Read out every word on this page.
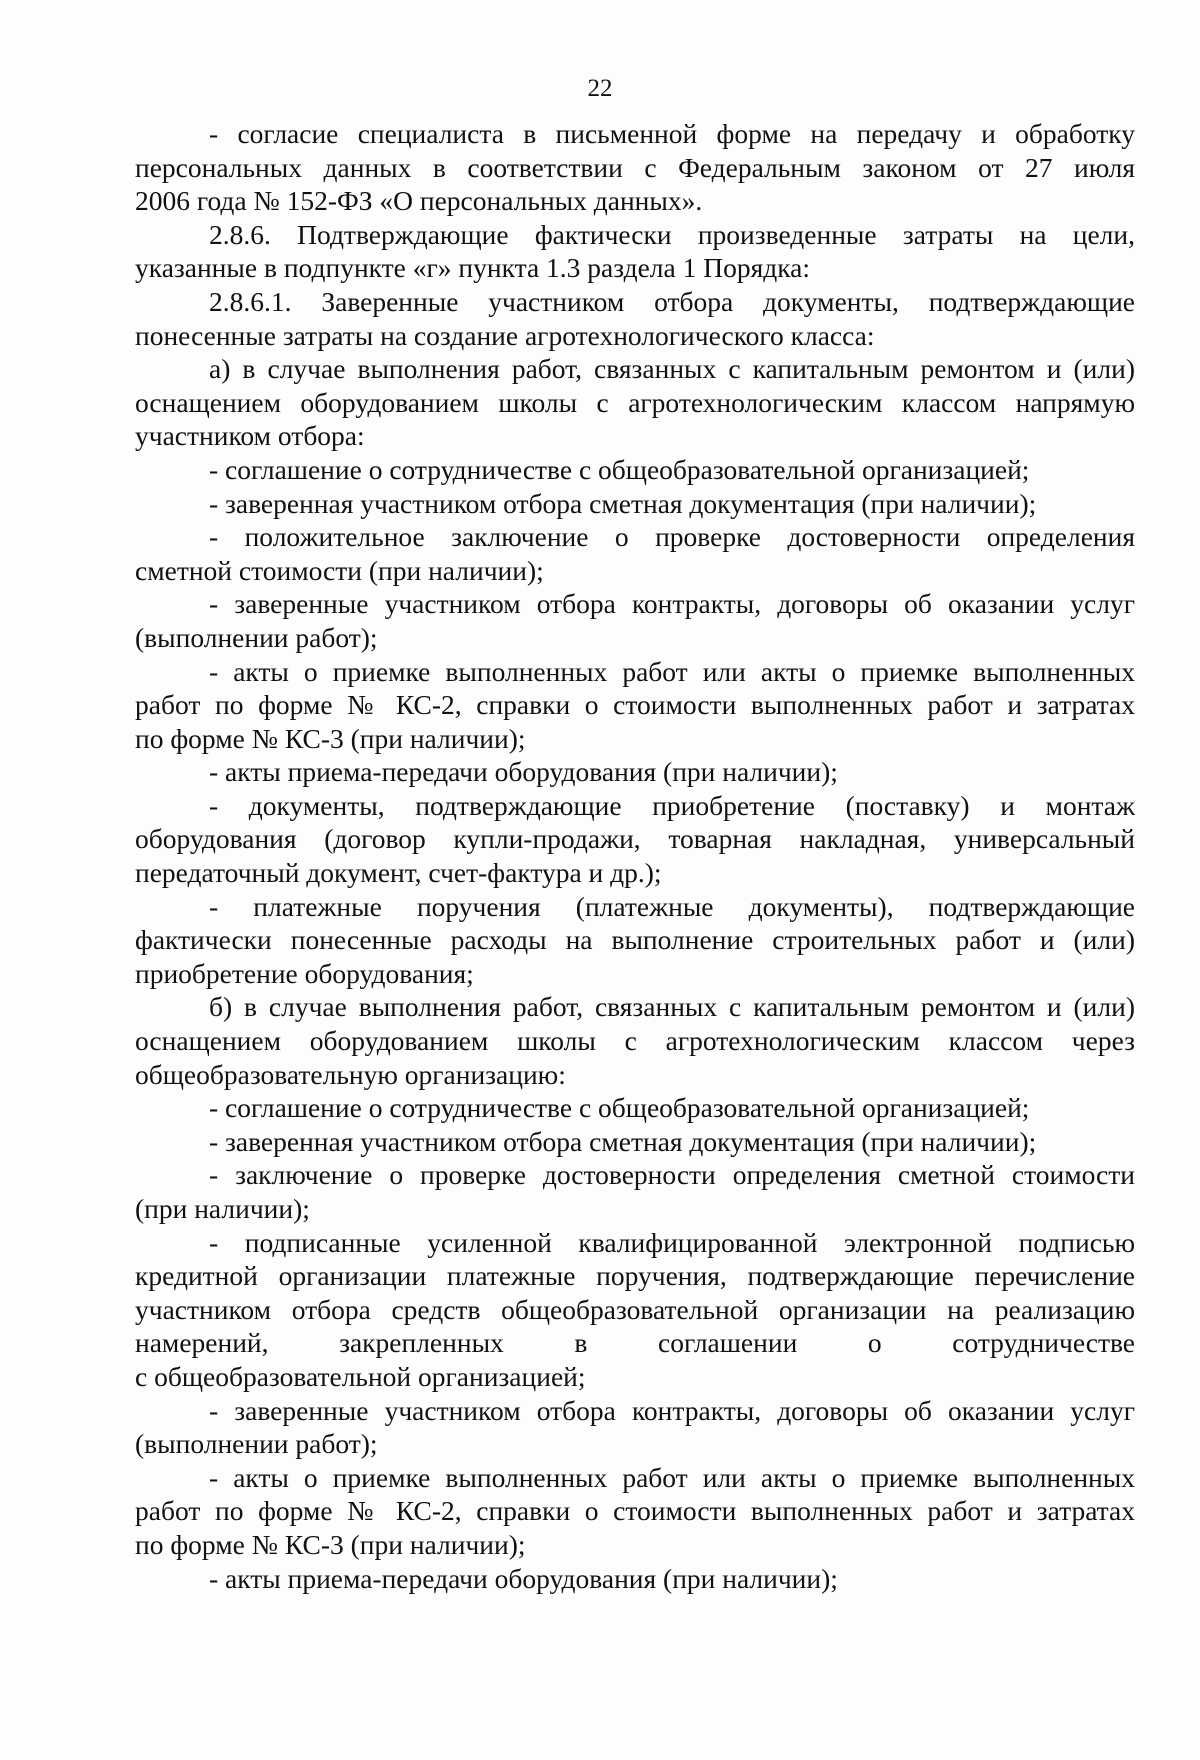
22
- согласие специалиста в письменной форме на передачу и обработку
персональных данных в соответствии с Федеральным законом от 27 июля
2006 года № 152-ФЗ «О персональных данных».
2.8.6. Подтверждающие фактически произведенные затраты на цели,
указанные в подпункте «г» пункта 1.3 раздела 1 Порядка:
2.8.6.1. Заверенные участником отбора документы, подтверждающие
понесенные затраты на создание агротехнологического класса:
а) в случае выполнения работ, связанных с капитальным ремонтом и (или)
оснащением оборудованием школы с агротехнологическим классом напрямую
участником отбора:
- соглашение о сотрудничестве с общеобразовательной организацией;
- заверенная участником отбора сметная документация (при наличии);
- положительное заключение о проверке достоверности определения
сметной стоимости (при наличии);
- заверенные участником отбора контракты, договоры об оказании услуг
(выполнении работ);
- акты о приемке выполненных работ или акты о приемке выполненных
работ по форме № КС-2, справки о стоимости выполненных работ и затратах
по форме № КС-3 (при наличии);
- акты приема-передачи оборудования (при наличии);
- документы, подтверждающие приобретение (поставку) и монтаж
оборудования (договор купли-продажи, товарная накладная, универсальный
передаточный документ, счет-фактура и др.);
- платежные поручения (платежные документы), подтверждающие
фактически понесенные расходы на выполнение строительных работ и (или)
приобретение оборудования;
б) в случае выполнения работ, связанных с капитальным ремонтом и (или)
оснащением оборудованием школы с агротехнологическим классом через
общеобразовательную организацию:
- соглашение о сотрудничестве с общеобразовательной организацией;
- заверенная участником отбора сметная документация (при наличии);
- заключение о проверке достоверности определения сметной стоимости
(при наличии);
- подписанные усиленной квалифицированной электронной подписью
кредитной организации платежные поручения, подтверждающие перечисление
участником отбора средств общеобразовательной организации на реализацию
намерений, закрепленных в соглашении о сотрудничестве
с общеобразовательной организацией;
- заверенные участником отбора контракты, договоры об оказании услуг
(выполнении работ);
- акты о приемке выполненных работ или акты о приемке выполненных
работ по форме № КС-2, справки о стоимости выполненных работ и затратах
по форме № КС-3 (при наличии);
- акты приема-передачи оборудования (при наличии);
